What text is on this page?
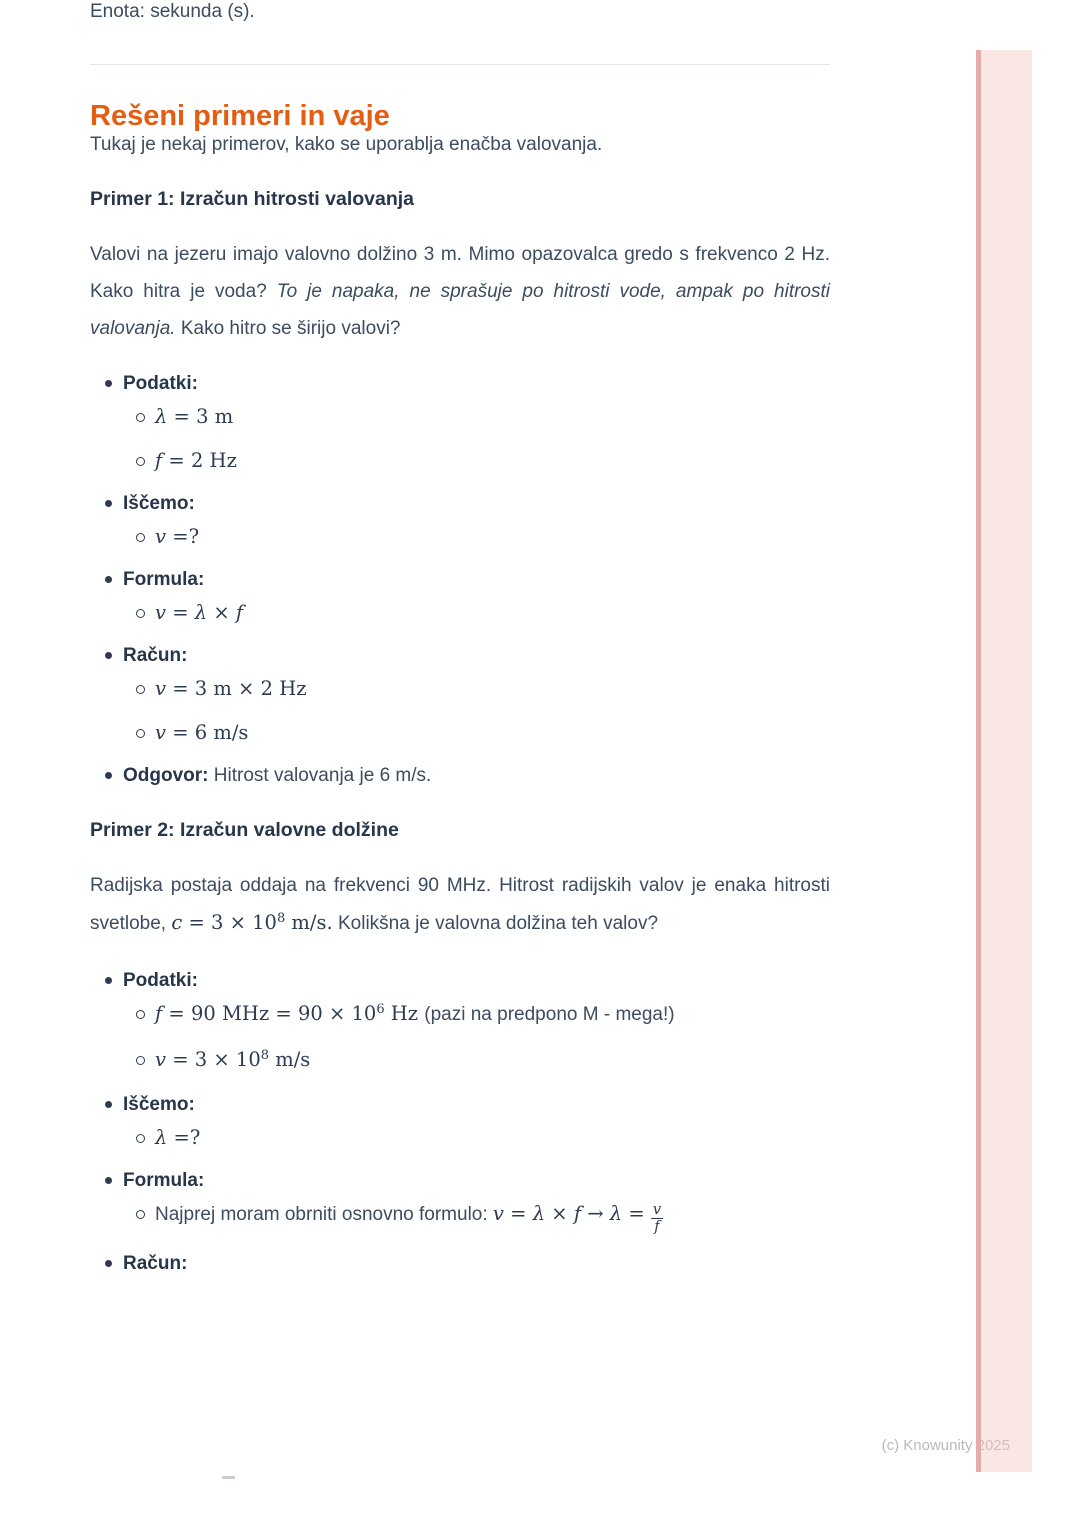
Enota: sekunda (s).

Rešeni primeri in vaje

Tukaj je nekaj primerov, kako se uporablja enačba valovanja.

Primer 1: Izračun hitrosti valovanja

Valovi na jezeru imajo valovno dolžino 3 m. Mimo opazovalca gredo s frekvenco 2 Hz. Kako hitra je voda? To je napaka, ne sprašuje po hitrosti vode, ampak po hitrosti valovanja. Kako hitro se širijo valovi?

Podatki:
λ = 3 m
f = 2 Hz
Iščemo:
v =?
Formula:
v = λ × f
Račun:
v = 3 m × 2 Hz
v = 6 m/s
Odgovor: Hitrost valovanja je 6 m/s.
Primer 2: Izračun valovne dolžine

Radijska postaja oddaja na frekvenci 90 MHz. Hitrost radijskih valov je enaka hitrosti svetlobe, $c = 3 \times 10^8$ m/s. Kolikšna je valovna dolžina teh valov?

Podatki:
f = 90 MHz = $90 \times 10^6$ Hz (pazi na predpono M - mega!)
$v = 3 \times 10^8$ m/s
Iščemo:
λ =?
Formula:
Najprej moram obrniti osnovno formulo: $v = \lambda \times f \to \lambda = \frac{v}{f}$
Račun:
(c) Knowunity 2025
